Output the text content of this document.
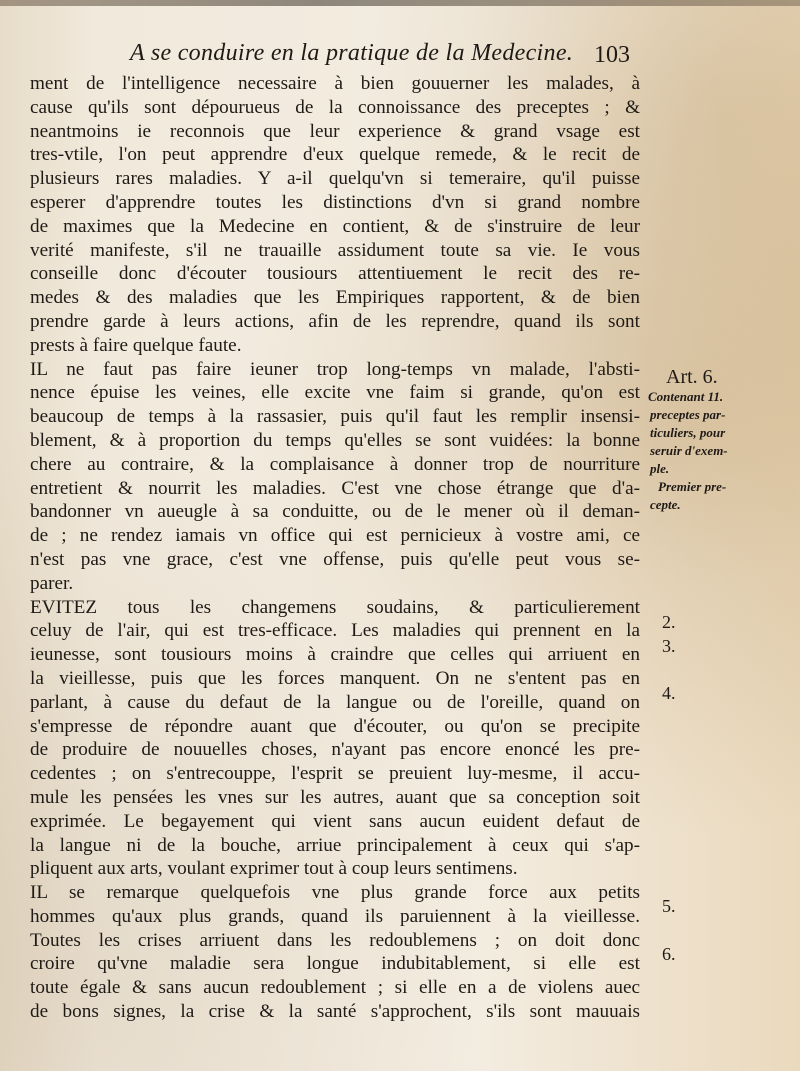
A se conduire en la pratique de la Medecine. 103
ment de l'intelligence necessaire à bien gouuerner les malades, à
cause qu'ils sont dépourueus de la connoissance des preceptes ; &
neantmoins ie reconnois que leur experience & grand vsage est
tres-vtile, l'on peut apprendre d'eux quelque remede, & le recit de
plusieurs rares maladies. Y a-il quelqu'vn si temeraire, qu'il puisse
esperer d'apprendre toutes les distinctions d'vn si grand nombre
de maximes que la Medecine en contient, & de s'instruire de leur
verité manifeste, s'il ne trauaille assidument toute sa vie. Ie vous
conseille donc d'écouter tousiours attentiuement le recit des re-
medes & des maladies que les Empiriques rapportent, & de bien
prendre garde à leurs actions, afin de les reprendre, quand ils sont
prests à faire quelque faute.
IL ne faut pas faire ieuner trop long-temps vn malade, l'absti-
nence épuise les veines, elle excite vne faim si grande, qu'on est
beaucoup de temps à la rassasier, puis qu'il faut les remplir insensi-
blement, & à proportion du temps qu'elles se sont vuidées: la bonne
chere au contraire, & la complaisance à donner trop de nourriture
entretient & nourrit les maladies. C'est vne chose étrange que d'a-
bandonner vn aueugle à sa conduitte, ou de le mener où il deman-
de ; ne rendez iamais vn office qui est pernicieux à vostre ami, ce
n'est pas vne grace, c'est vne offense, puis qu'elle peut vous se-
parer.
EVITEZ tous les changemens soudains, & particulierement
celuy de l'air, qui est tres-efficace. Les maladies qui prennent en la
ieunesse, sont tousiours moins à craindre que celles qui arriuent en
la vieillesse, puis que les forces manquent. On ne s'entent pas en
parlant, à cause du defaut de la langue ou de l'oreille, quand on
s'empresse de répondre auant que d'écouter, ou qu'on se precipite
de produire de nouuelles choses, n'ayant pas encore enoncé les pre-
cedentes ; on s'entrecouppe, l'esprit se preuient luy-mesme, il accu-
mule les pensées les vnes sur les autres, auant que sa conception soit
exprimée. Le begayement qui vient sans aucun euident defaut de
la langue ni de la bouche, arriue principalement à ceux qui s'ap-
pliquent aux arts, voulant exprimer tout à coup leurs sentimens.
IL se remarque quelquefois vne plus grande force aux petits
hommes qu'aux plus grands, quand ils paruiennent à la vieillesse.
Toutes les crises arriuent dans les redoublemens ; on doit donc
croire qu'vne maladie sera longue indubitablement, si elle est
toute égale & sans aucun redoublement ; si elle en a de violens auec
de bons signes, la crise & la santé s'approchent, s'ils sont mauuais
Art. 6.
Contenant 11.
preceptes par-
ticuliers, pour
seruir d'exem-
ple.
Premier pre-
cepte.
2.
3.
4.
5.
6.
